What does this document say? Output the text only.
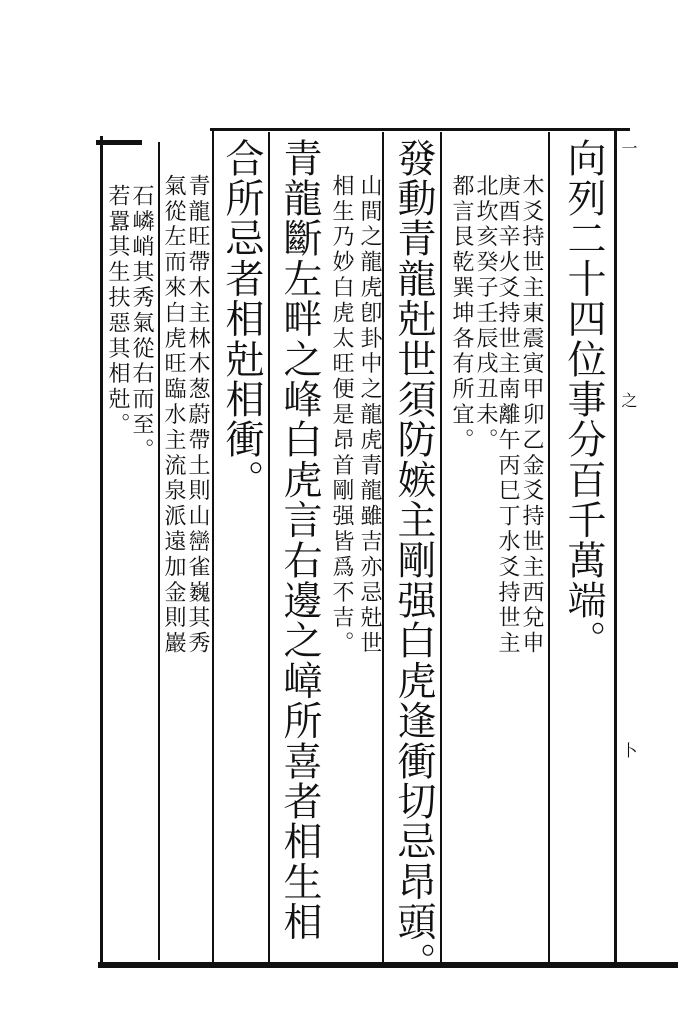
一
之
卜
向列二十四位事分百千萬端。
木爻持世主東震寅甲卯乙金爻持世主西兌申
庚酉辛火爻持世主南離午丙巳丁水爻持世主
北坎亥癸子壬辰戌丑未。
都言艮乾巽坤各有所宜。
發動青龍兙世須防嫉主剛强白虎逢衝切忌昂頭。
山間之龍虎卽卦中之龍虎青龍雖吉亦忌兙世
相生乃妙白虎太旺便是昂首剛强皆爲不吉。
青龍斷左畔之峰白虎言右邊之嶂所喜者相生相
合所忌者相兙相衝。
青龍旺帶木主林木葱蔚帶土則山巒雀巍其秀
氣從左而來白虎旺臨水主流泉派遠加金則巖
石嶙峭其秀氣從右而至。
若囂其生扶惡其相兙。
